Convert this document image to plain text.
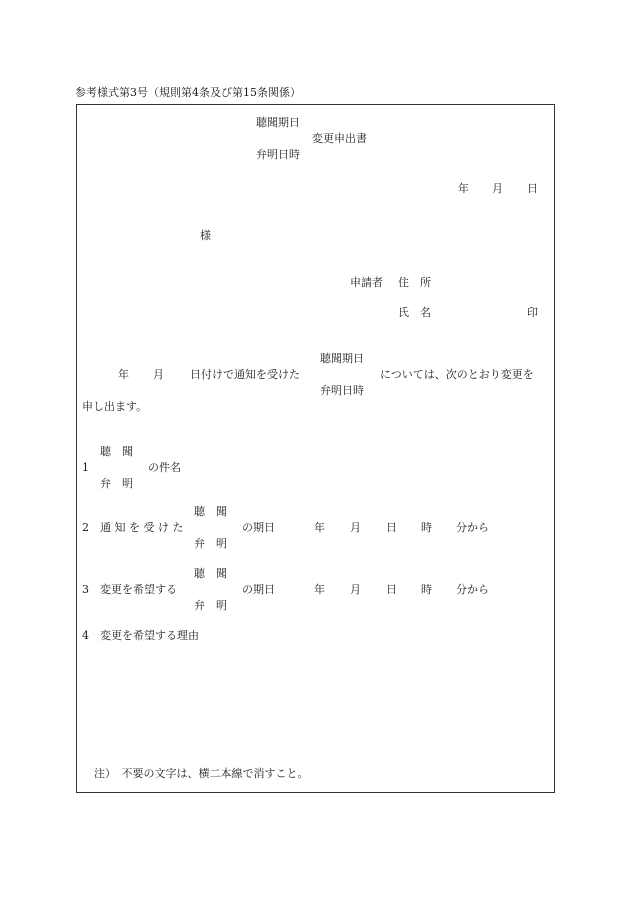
参考様式第3号（規則第4条及び第15条関係）
聴聞期日
変更申出書
弁明日時
年 月 日
様
申請者 住　所
氏　名	印
聴聞期日
年 月 日付けで通知を受けた	については、次のとおり変更を
弁明日時
申し出ます。
聴　聞
1	の件名
弁　明
聴　聞
2 通 知 を 受 け た	の期日	年 月 日 時 分から
弁　明
聴　聞
3 変更を希望する	の期日	年 月 日 時 分から
弁　明
4 変更を希望する理由
注）　不要の文字は、横二本線で消すこと。
